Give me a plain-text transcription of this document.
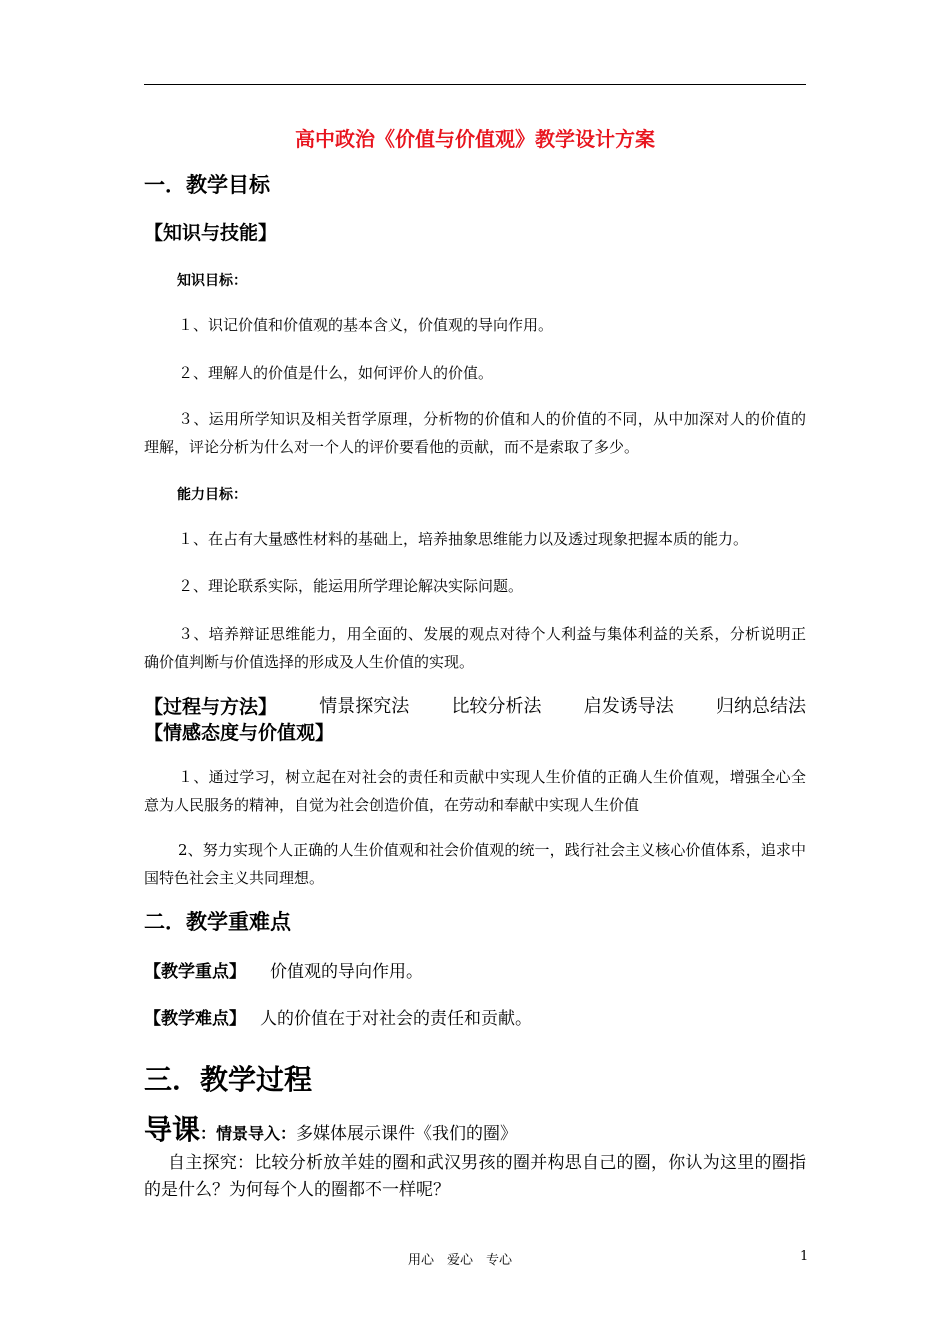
高中政治《价值与价值观》教学设计方案
一．教学目标
【知识与技能】
知识目标：
１、识记价值和价值观的基本含义，价值观的导向作用。
２、理解人的价值是什么，如何评价人的价值。
３、运用所学知识及相关哲学原理，分析物的价值和人的价值的不同，从中加深对人的价值的理解，评论分析为什么对一个人的评价要看他的贡献，而不是索取了多少。
能力目标：
１、在占有大量感性材料的基础上，培养抽象思维能力以及透过现象把握本质的能力。
２、理论联系实际，能运用所学理论解决实际问题。
３、培养辩证思维能力，用全面的、发展的观点对待个人利益与集体利益的关系，分析说明正确价值判断与价值选择的形成及人生价值的实现。
【过程与方法】 情景探究法 比较分析法 启发诱导法 归纳总结法
【情感态度与价值观】
１、通过学习，树立起在对社会的责任和贡献中实现人生价值的正确人生价值观，增强全心全意为人民服务的精神，自觉为社会创造价值，在劳动和奉献中实现人生价值
2、努力实现个人正确的人生价值观和社会价值观的统一，践行社会主义核心价值体系，追求中国特色社会主义共同理想。
二．教学重难点
【教学重点】 价值观的导向作用。
【教学难点】 人的价值在于对社会的责任和贡献。
三．教学过程
导课：情景导入：多媒体展示课件《我们的圈》
自主探究：比较分析放羊娃的圈和武汉男孩的圈并构思自己的圈，你认为这里的圈指的是什么？为何每个人的圈都不一样呢？
用心　爱心　专心	1
